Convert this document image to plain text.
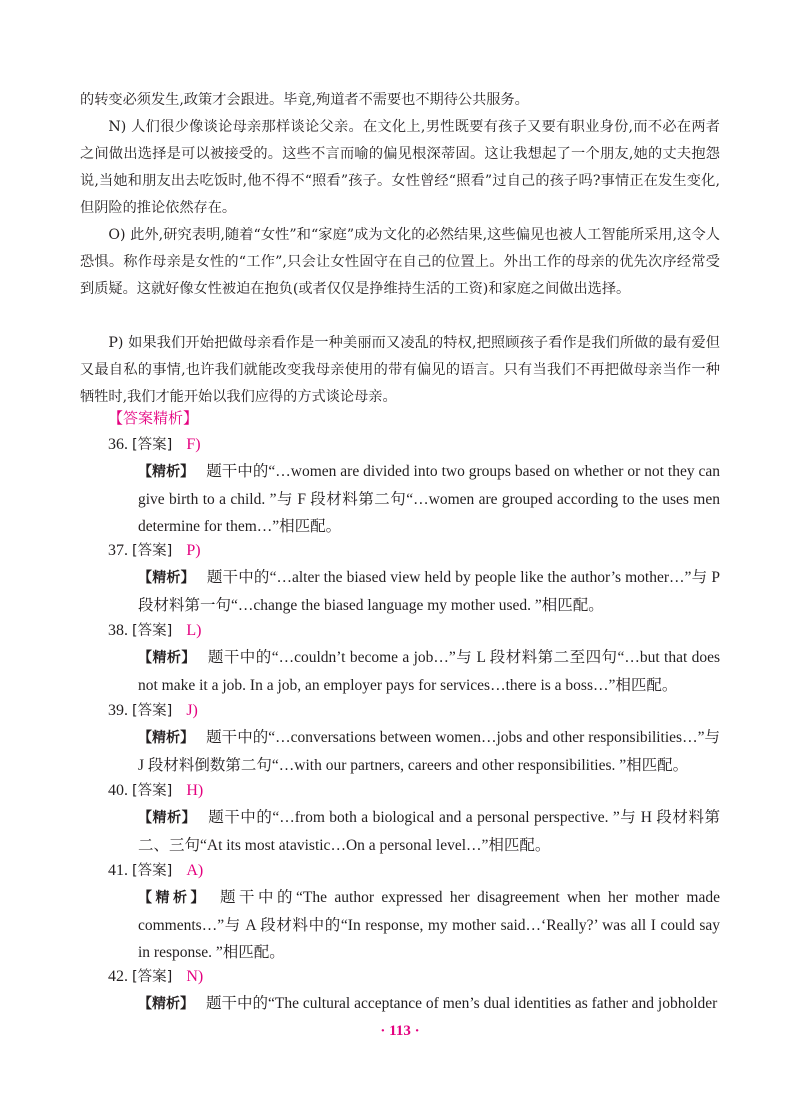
的转变必须发生,政策才会跟进。毕竟,殉道者不需要也不期待公共服务。

N) 人们很少像谈论母亲那样谈论父亲。在文化上,男性既要有孩子又要有职业身份,而不必在两者之间做出选择是可以被接受的。这些不言而喻的偏见根深蒂固。这让我想起了一个朋友,她的丈夫抱怨说,当她和朋友出去吃饭时,他不得不“照看”孩子。女性曾经“照看”过自己的孩子吗?事情正在发生变化,但阴险的推论依然存在。

O) 此外,研究表明,随着“女性”和“家庭”成为文化的必然结果,这些偏见也被人工智能所采用,这令人恐惧。称作母亲是女性的“工作”,只会让女性固守在自己的位置上。外出工作的母亲的优先次序经常受到质疑。这就好像女性被迫在抱负(或者仅仅是挣维持生活的工资)和家庭之间做出选择。

P) 如果我们开始把做母亲看作是一种美丽而又凌乱的特权,把照顾孩子看作是我们所做的最有爱但又最自私的事情,也许我们就能改变我母亲使用的带有偏见的语言。只有当我们不再把做母亲当作一种牺牲时,我们才能开始以我们应得的方式谈论母亲。

【答案精析】
36. [答案] F)

【精析】 题干中的“…women are divided into two groups based on whether or not they can give birth to a child. ”与 F 段材料第二句“…women are grouped according to the uses men determine for them…”相匹配。

37. [答案] P)

【精析】 题干中的“…alter the biased view held by people like the author’s mother…”与 P 段材料第一句“…change the biased language my mother used. ”相匹配。

38. [答案] L)

【精析】 题干中的“…couldn’t become a job…”与 L 段材料第二至四句“…but that does not make it a job. In a job, an employer pays for services…there is a boss…”相匹配。

39. [答案] J)

【精析】 题干中的“…conversations between women…jobs and other responsibilities…”与 J 段材料倒数第二句“…with our partners, careers and other responsibilities. ”相匹配。

40. [答案] H)

【精析】 题干中的“…from both a biological and a personal perspective. ”与 H 段材料第二、三句“At its most atavistic…On a personal level…”相匹配。

41. [答案] A)

【精析】 题干中的“The author expressed her disagreement when her mother made comments…”与 A 段材料中的“In response, my mother said…‘Really?’ was all I could say in response. ”相匹配。

42. [答案] N)

【精析】 题干中的“The cultural acceptance of men’s dual identities as father and jobholder

· 113 ·
